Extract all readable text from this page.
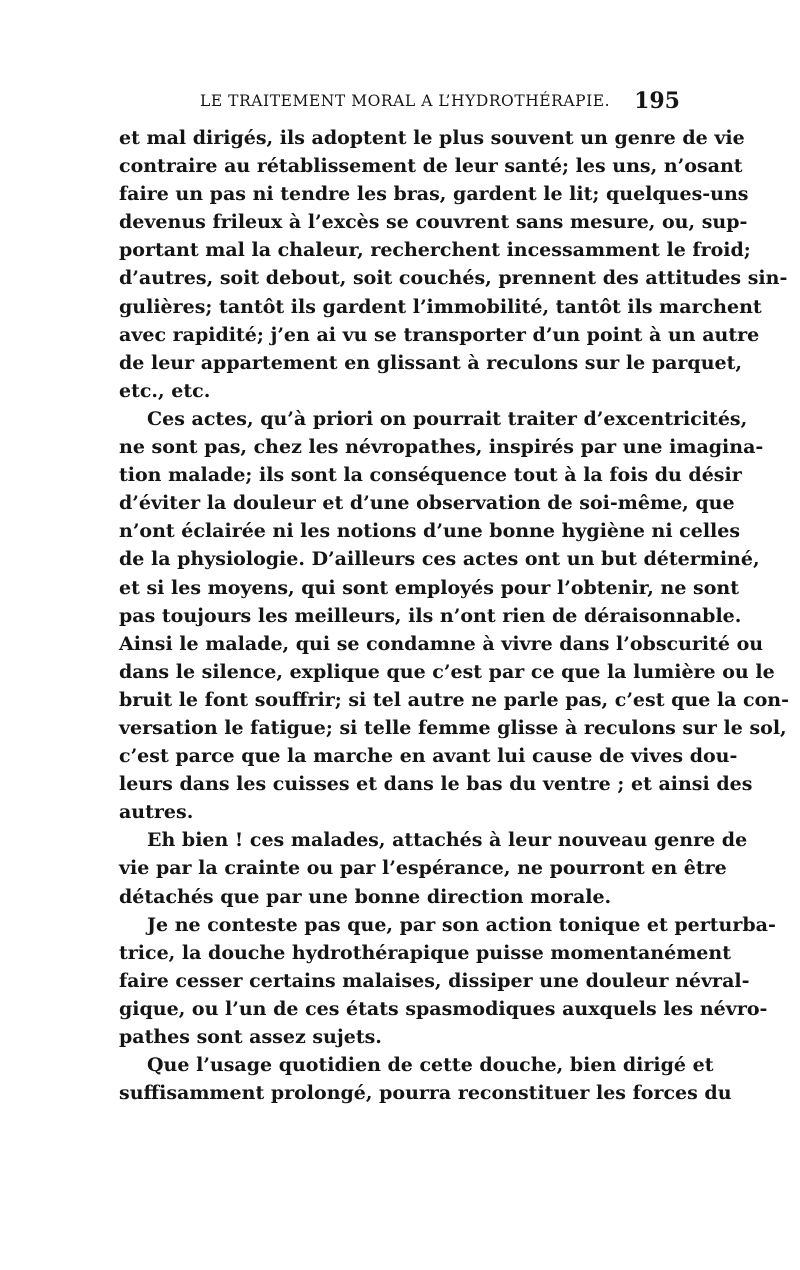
LE TRAITEMENT MORAL A L’HYDROTHÉRAPIE. 195
et mal dirigés, ils adoptent le plus souvent un genre de vie
contraire au rétablissement de leur santé; les uns, n’osant
faire un pas ni tendre les bras, gardent le lit; quelques-uns
devenus frileux à l’excès se couvrent sans mesure, ou, sup-
portant mal la chaleur, recherchent incessamment le froid;
d’autres, soit debout, soit couchés, prennent des attitudes sin-
gulières; tantôt ils gardent l’immobilité, tantôt ils marchent
avec rapidité; j’en ai vu se transporter d’un point à un autre
de leur appartement en glissant à reculons sur le parquet,
etc., etc.
Ces actes, qu’à priori on pourrait traiter d’excentricités,
ne sont pas, chez les névropathes, inspirés par une imagina-
tion malade; ils sont la conséquence tout à la fois du désir
d’éviter la douleur et d’une observation de soi-même, que
n’ont éclairée ni les notions d’une bonne hygiène ni celles
de la physiologie. D’ailleurs ces actes ont un but déterminé,
et si les moyens, qui sont employés pour l’obtenir, ne sont
pas toujours les meilleurs, ils n’ont rien de déraisonnable.
Ainsi le malade, qui se condamne à vivre dans l’obscurité ou
dans le silence, explique que c’est par ce que la lumière ou le
bruit le font souffrir; si tel autre ne parle pas, c’est que la con-
versation le fatigue; si telle femme glisse à reculons sur le sol,
c’est parce que la marche en avant lui cause de vives dou-
leurs dans les cuisses et dans le bas du ventre ; et ainsi des
autres.
Eh bien ! ces malades, attachés à leur nouveau genre de
vie par la crainte ou par l’espérance, ne pourront en être
détachés que par une bonne direction morale.
Je ne conteste pas que, par son action tonique et perturba-
trice, la douche hydrothérapique puisse momentanément
faire cesser certains malaises, dissiper une douleur névral-
gique, ou l’un de ces états spasmodiques auxquels les névro-
pathes sont assez sujets.
Que l’usage quotidien de cette douche, bien dirigé et
suffisamment prolongé, pourra reconstituer les forces du
